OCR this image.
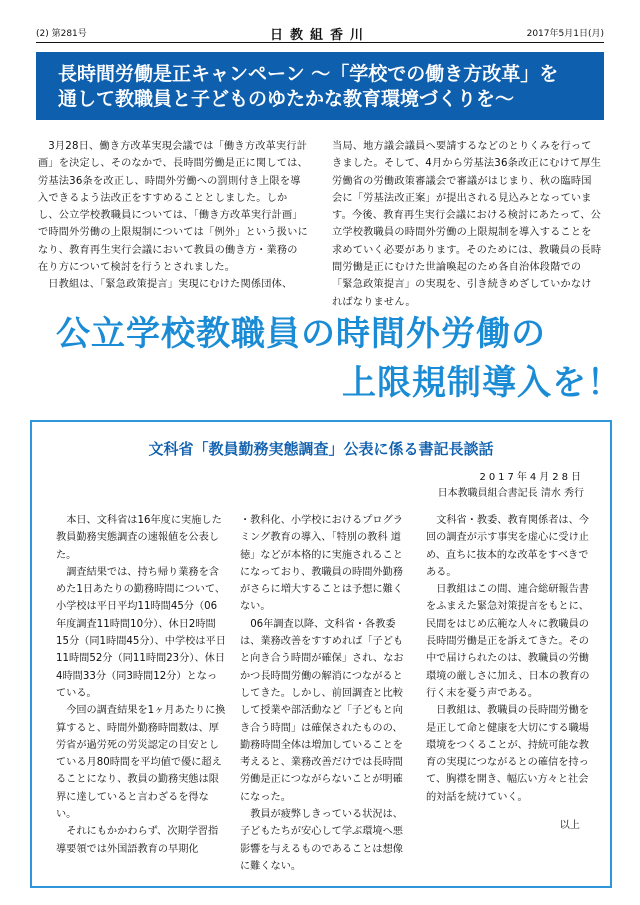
(2) 第281号	日教組香川	2017年5月1日(月)
長時間労働是正キャンペーン ～「学校での働き方改革」を
通して教職員と子どものゆたかな教育環境づくりを～

3月28日、働き方改革実現会議では「働き方改革実行計画」を決定し、そのなかで、長時間労働是正に関しては、労基法36条を改正し、時間外労働への罰則付き上限を導入できるよう法改正をすすめることとしました。しかし、公立学校教職員については、「働き方改革実行計画」で時間外労働の上限規制については「例外」という扱いになり、教育再生実行会議において教員の働き方・業務の在り方について検討を行うとされました。

日教組は、「緊急政策提言」実現にむけた関係団体、

当局、地方議会議員へ要請するなどのとりくみを行ってきました。そして、4月から労基法36条改正にむけて厚生労働省の労働政策審議会で審議がはじまり、秋の臨時国会に「労基法改正案」が提出される見込みとなっています。今後、教育再生実行会議における検討にあたって、公立学校教職員の時間外労働の上限規制を導入することを求めていく必要があります。そのためには、教職員の長時間労働是正にむけた世論喚起のため各自治体段階での「緊急政策提言」の実現を、引き続きめざしていかなければなりません。

公立学校教職員の時間外労働の
上限規制導入を！
文科省「教員勤務実態調査」公表に係る書記長談話
2017年4月28日
日本教職員組合書記長 清水 秀行

本日、文科省は16年度に実施した教員勤務実態調査の速報値を公表した。

調査結果では、持ち帰り業務を含めた1日あたりの勤務時間について、小学校は平日平均11時間45分（06年度調査11時間10分）、休日2時間15分（同1時間45分）、中学校は平日11時間52分（同11時間23分）、休日4時間33分（同3時間12分）となっている。

今回の調査結果を1ヶ月あたりに換算すると、時間外勤務時間数は、厚労省が過労死の労災認定の目安としている月80時間を平均値で優に超えることになり、教員の勤務実態は限界に達していると言わざるを得ない。

それにもかかわらず、次期学習指導要領では外国語教育の早期化

・教科化、小学校におけるプログラミング教育の導入、「特別の教科 道徳」などが本格的に実施されることになっており、教職員の時間外勤務がさらに増大することは予想に難くない。

06年調査以降、文科省・各教委は、業務改善をすすめれば「子どもと向き合う時間が確保」され、なおかつ長時間労働の解消につながるとしてきた。しかし、前回調査と比較して授業や部活動など「子どもと向き合う時間」は確保されたものの、勤務時間全体は増加していることを考えると、業務改善だけでは長時間労働是正につながらないことが明確になった。

教員が疲弊しきっている状況は、子どもたちが安心して学ぶ環境へ悪影響を与えるものであることは想像に難くない。

文科省・教委、教育関係者は、今回の調査が示す事実を虚心に受け止め、直ちに抜本的な改革をすべきである。

日教組はこの間、連合総研報告書をふまえた緊急対策提言をもとに、民間をはじめ広範な人々に教職員の長時間労働是正を訴えてきた。その中で届けられたのは、教職員の労働環境の厳しさに加え、日本の教育の行く末を憂う声である。

日教組は、教職員の長時間労働を是正して命と健康を大切にする職場環境をつくることが、持続可能な教育の実現につながるとの確信を持って、胸襟を開き、幅広い方々と社会的対話を続けていく。

以上
